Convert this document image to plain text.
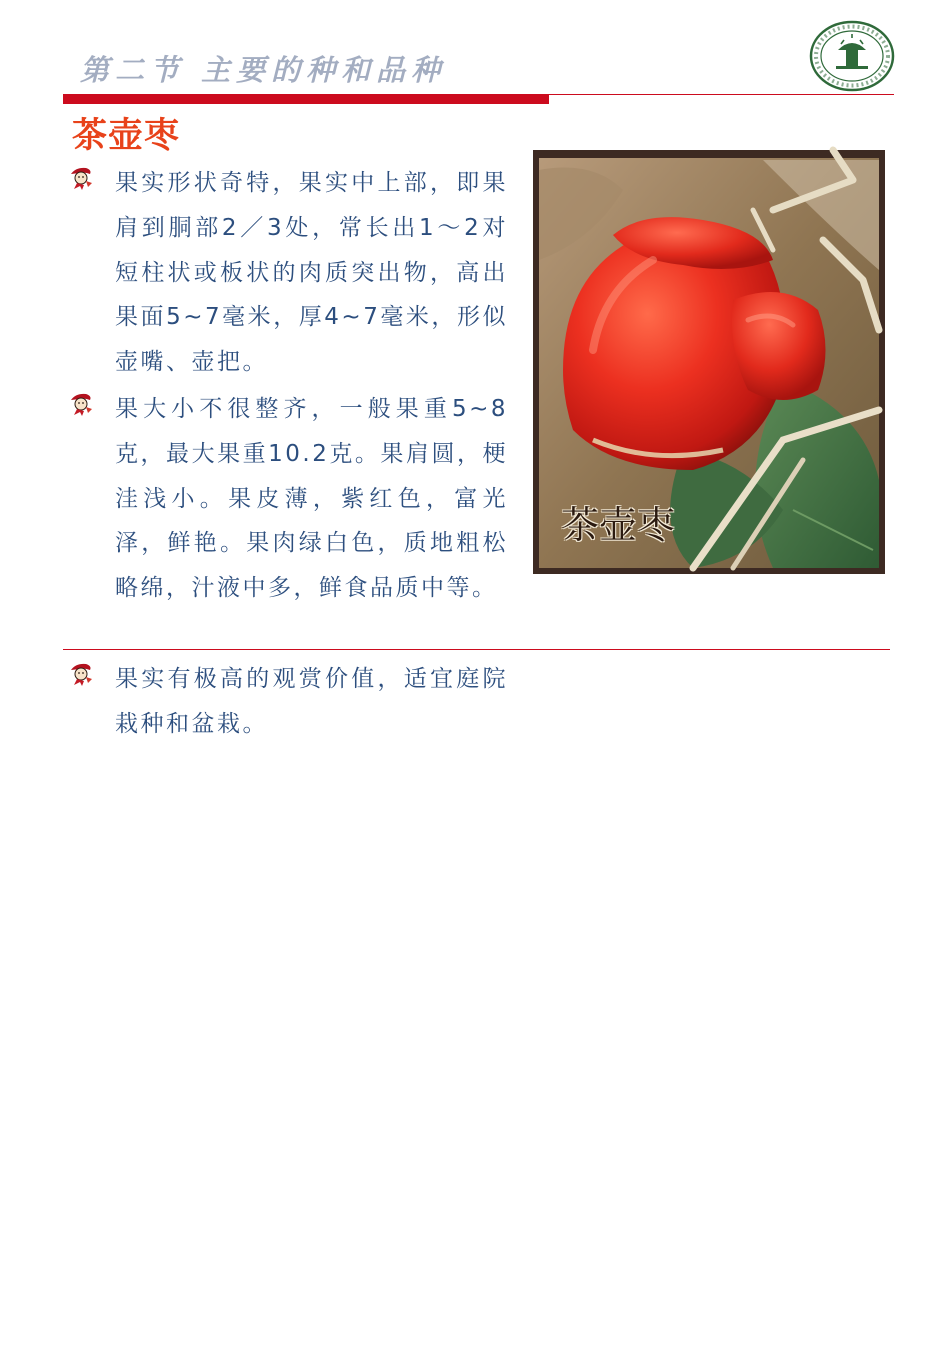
第二节 主要的种和品种
茶壶枣
果实形状奇特，果实中上部，即果肩到胴部2／3处，常长出1～2对短柱状或板状的肉质突出物，高出果面5~7毫米，厚4~7毫米，形似壶嘴、壶把。
果大小不很整齐，一般果重5~8克，最大果重10.2克。果肩圆，梗洼浅小。果皮薄，紫红色，富光泽，鲜艳。果肉绿白色，质地粗松略绵，汁液中多，鲜食品质中等。
果实有极高的观赏价值，适宜庭院栽种和盆栽。
茶壶枣
